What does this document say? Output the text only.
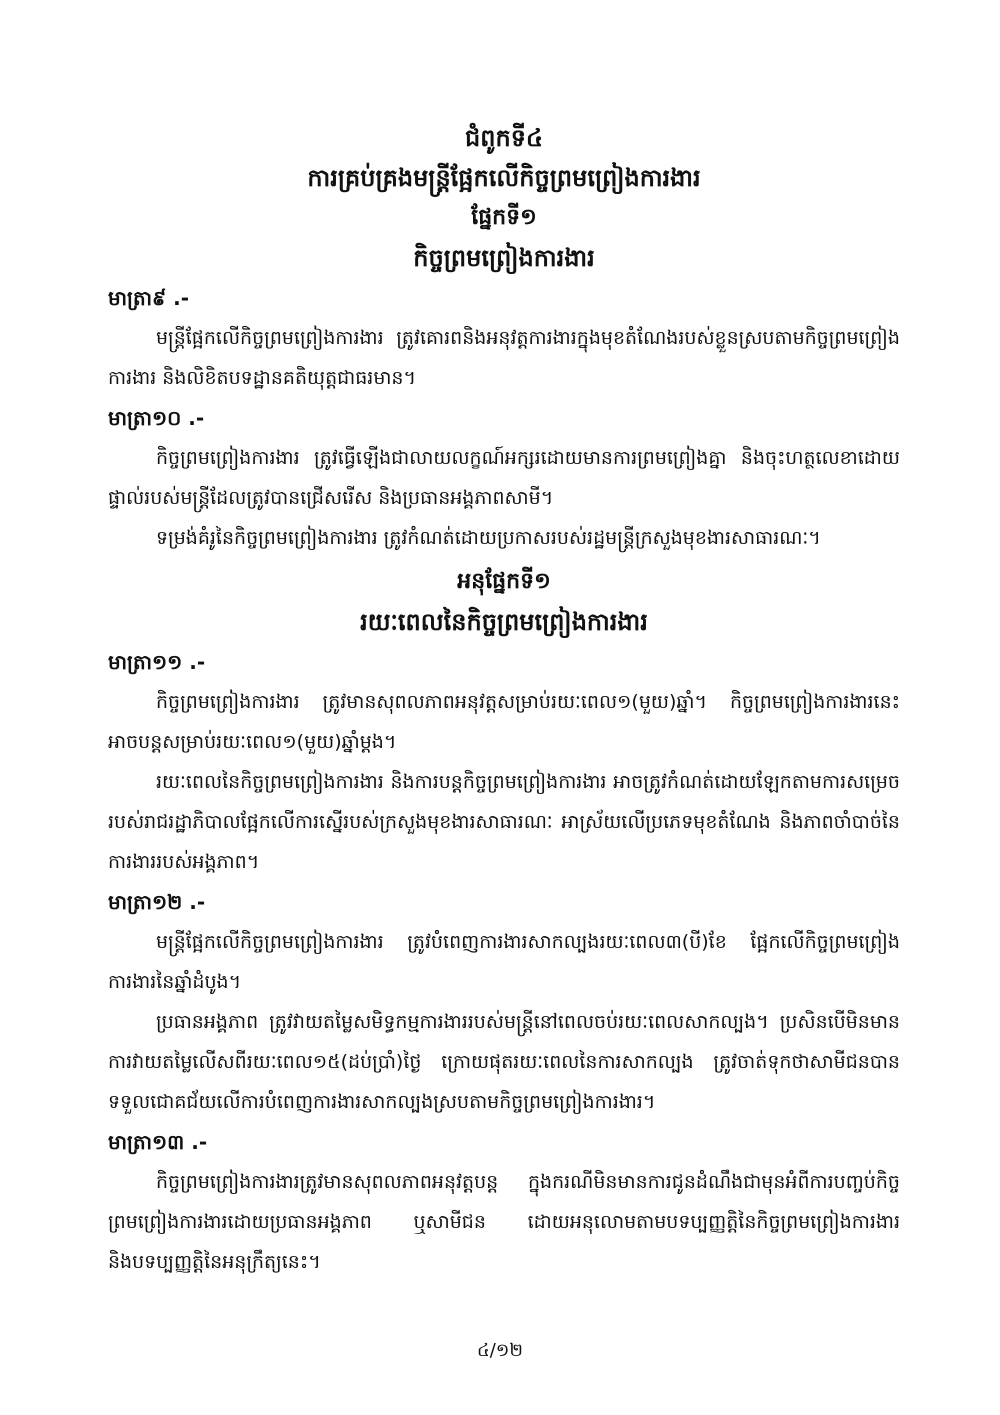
ជំពូកទី៤

ការគ្រប់គ្រងមន្ត្រីផ្អែកលើកិច្ចព្រមព្រៀងការងារ

ផ្នែកទី១

កិច្ចព្រមព្រៀងការងារ

មាត្រា៩ .-

មន្ត្រីផ្អែកលើកិច្ចព្រមព្រៀងការងារ ត្រូវគោរពនិងអនុវត្តការងារក្នុងមុខតំណែងរបស់ខ្លួនស្របតាមកិច្ចព្រមព្រៀងការងារ និងលិខិតបទដ្ឋានគតិយុត្តជាធរមាន។

មាត្រា១០ .-

កិច្ចព្រមព្រៀងការងារ ត្រូវធ្វើឡើងជាលាយលក្ខណ៍អក្សរដោយមានការព្រមព្រៀងគ្នា និងចុះហត្ថលេខាដោយផ្ទាល់របស់មន្ត្រីដែលត្រូវបានជ្រើសរើស និងប្រធានអង្គភាពសាមី។

ទម្រង់គំរូនៃកិច្ចព្រមព្រៀងការងារ ត្រូវកំណត់ដោយប្រកាសរបស់រដ្ឋមន្ត្រីក្រសួងមុខងារសាធារណៈ។

អនុផ្នែកទី១

រយៈពេលនៃកិច្ចព្រមព្រៀងការងារ

មាត្រា១១ .-

កិច្ចព្រមព្រៀងការងារ ត្រូវមានសុពលភាពអនុវត្តសម្រាប់រយៈពេល១(មួយ)ឆ្នាំ។ កិច្ចព្រមព្រៀងការងារនេះ អាចបន្តសម្រាប់រយៈពេល១(មួយ)ឆ្នាំម្តង។

រយៈពេលនៃកិច្ចព្រមព្រៀងការងារ និងការបន្តកិច្ចព្រមព្រៀងការងារ អាចត្រូវកំណត់ដោយឡែកតាមការសម្រេចរបស់រាជរដ្ឋាភិបាលផ្អែកលើការស្នើរបស់ក្រសួងមុខងារសាធារណៈ អាស្រ័យលើប្រភេទមុខតំណែង និងភាពចាំបាច់នៃការងាររបស់អង្គភាព។

មាត្រា១២ .-

មន្ត្រីផ្អែកលើកិច្ចព្រមព្រៀងការងារ ត្រូវបំពេញការងារសាកល្បងរយៈពេល៣(បី)ខែ ផ្អែកលើកិច្ចព្រមព្រៀងការងារនៃឆ្នាំដំបូង។

ប្រធានអង្គភាព ត្រូវវាយតម្លៃសមិទ្ធកម្មការងាររបស់មន្ត្រីនៅពេលចប់រយៈពេលសាកល្បង។ ប្រសិនបើមិនមានការវាយតម្លៃលើសពីរយៈពេល១៥(ដប់ប្រាំ)ថ្ងៃ ក្រោយផុតរយៈពេលនៃការសាកល្បង ត្រូវចាត់ទុកថាសាមីជនបានទទួលជោគជ័យលើការបំពេញការងារសាកល្បងស្របតាមកិច្ចព្រមព្រៀងការងារ។

មាត្រា១៣ .-

កិច្ចព្រមព្រៀងការងារត្រូវមានសុពលភាពអនុវត្តបន្ត ក្នុងករណីមិនមានការជូនដំណឹងជាមុនអំពីការបញ្ចប់កិច្ចព្រមព្រៀងការងារដោយប្រធានអង្គភាព ឬសាមីជន ដោយអនុលោមតាមបទប្បញ្ញត្តិនៃកិច្ចព្រមព្រៀងការងារ និងបទប្បញ្ញត្តិនៃអនុក្រឹត្យនេះ។

៤/១២
